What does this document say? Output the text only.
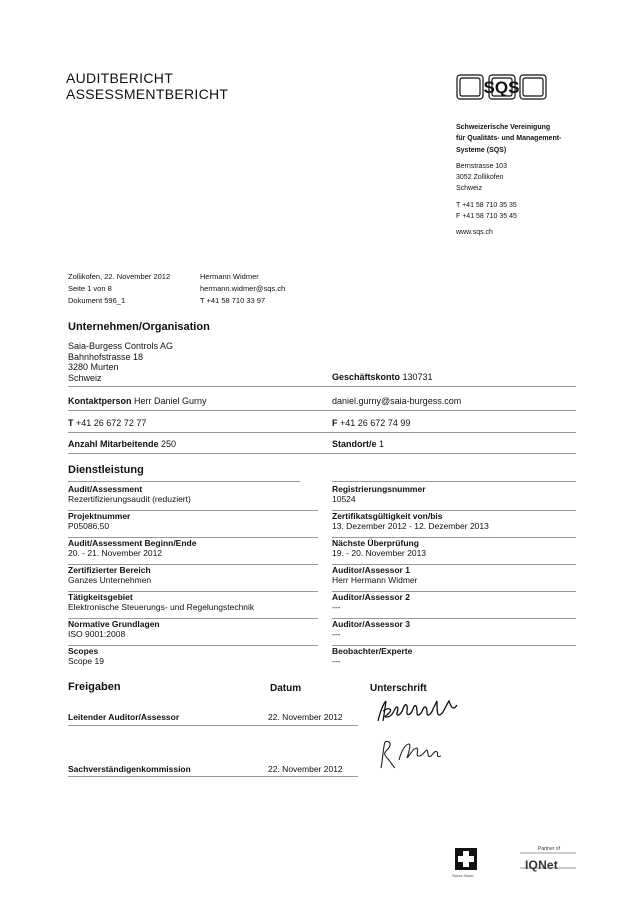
AUDITBERICHT
ASSESSMENTBERICHT	SQS
Schweizerische Vereinigung
für Qualitäts- und Management-
Systeme (SQS)
Bernstrasse 103
3052 Zollikofen
Schweiz
T +41 58 710 35 35
F +41 58 710 35 45
www.sqs.ch
Zollikofen, 22. November 2012
Seite 1 von 8
Dokument 596_1
Hermann Widmer
hermann.widmer@sqs.ch
T +41 58 710 33 97
Unternehmen/Organisation
Saia-Burgess Controls AG
Bahnhofstrasse 18
3280 Murten
Schweiz	Geschäftskonto 130731
Kontaktperson Herr Daniel Gurny	daniel.gurny@saia-burgess.com
T +41 26 672 72 77	F +41 26 672 74 99
Anzahl Mitarbeitende 250	Standort/e 1
Dienstleistung
Audit/Assessment
Rezertifizierungsaudit (reduziert)
Projektnummer
P05086.50
Audit/Assessment Beginn/Ende
20. - 21. November 2012
Zertifizierter Bereich
Ganzes Unternehmen
Tätigkeitsgebiet
Elektronische Steuerungs- und Regelungstechnik
Normative Grundlagen
ISO 9001:2008
Scopes
Scope 19
Registrierungsnummer
10524
Zertifikatsgültigkeit von/bis
13. Dezember 2012 - 12. Dezember 2013
Nächste Überprüfung
19. - 20. November 2013
Auditor/Assessor 1
Herr Hermann Widmer
Auditor/Assessor 2
---
Auditor/Assessor 3
---
Beobachter/Experte
---
Freigaben	Datum	Unterschrift
Leitender Auditor/Assessor	22. November 2012
Sachverständigenkommission	22. November 2012
Swiss Made
Partner of
IQNet
